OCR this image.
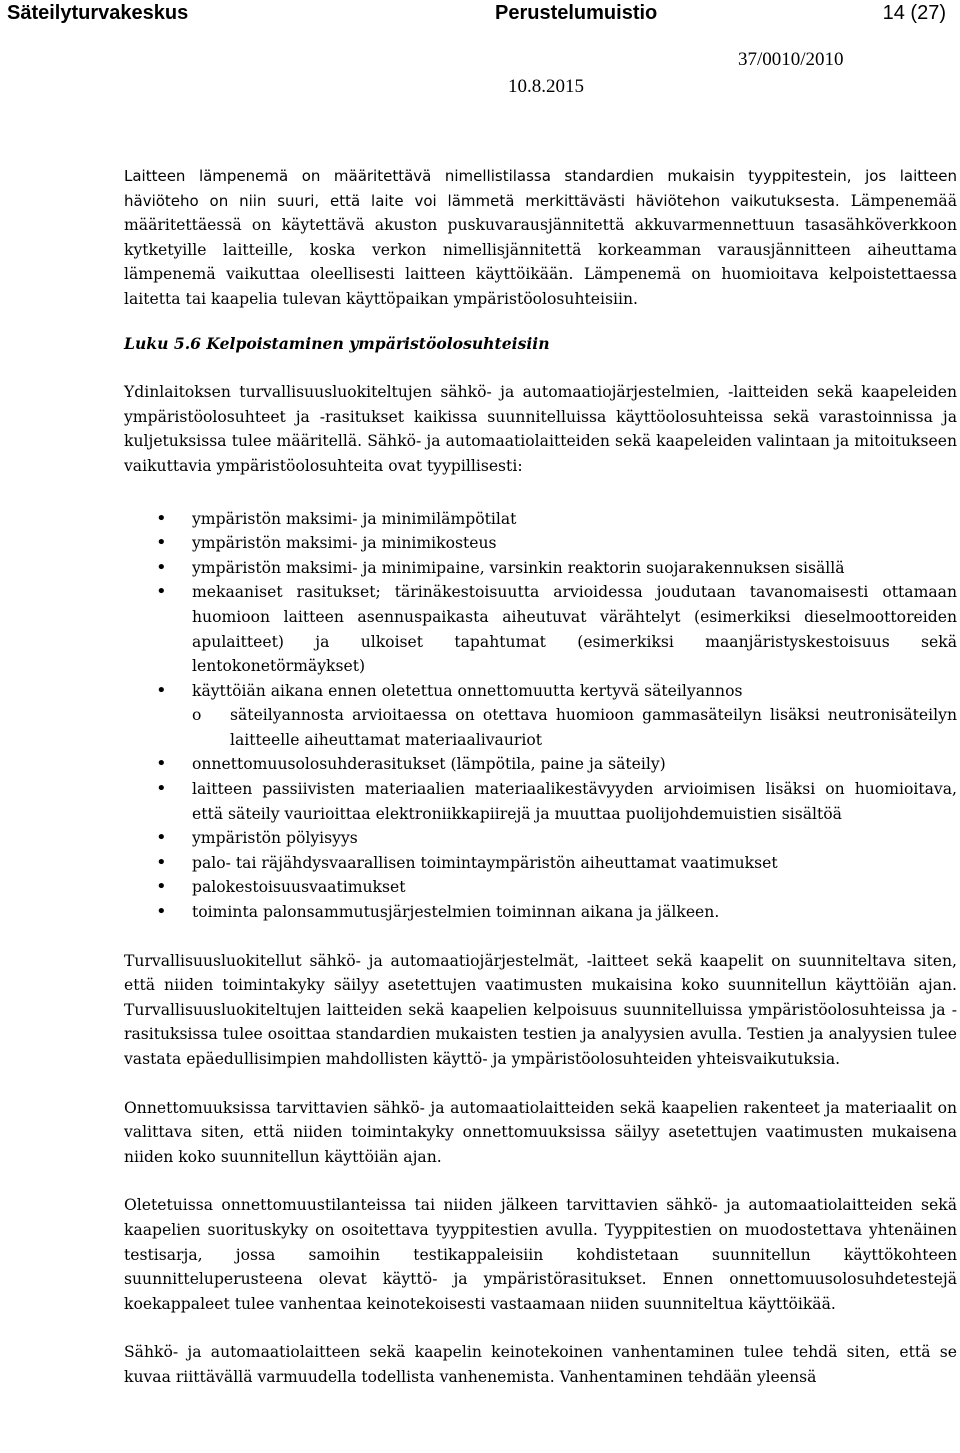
Säteilyturvakeskus	Perustelumuistio	14 (27)
37/0010/2010
10.8.2015

Laitteen lämpenemä on määritettävä nimellistilassa standardien mukaisin tyyppitestein, jos laitteen häviöteho on niin suuri, että laite voi lämmetä merkittävästi häviötehon vaikutuksesta. Lämpenemää määritettäessä on käytettävä akuston puskuvarausjännitettä akkuvarmennettuun tasasähköverkkoon kytketyille laitteille, koska verkon nimellisjännitettä korkeamman varausjännitteen aiheuttama lämpenemä vaikuttaa oleellisesti laitteen käyttöikään. Lämpenemä on huomioitava kelpoistettaessa laitetta tai kaapelia tulevan käyttöpaikan ympäristöolosuhteisiin.

Luku 5.6 Kelpoistaminen ympäristöolosuhteisiin

Ydinlaitoksen turvallisuusluokiteltujen sähkö- ja automaatiojärjestelmien, -laitteiden sekä kaapeleiden ympäristöolosuhteet ja -rasitukset kaikissa suunnitelluissa käyttöolosuhteissa sekä varastoinnissa ja kuljetuksissa tulee määritellä. Sähkö- ja automaatiolaitteiden sekä kaapeleiden valintaan ja mitoitukseen vaikuttavia ympäristöolosuhteita ovat tyypillisesti:

• ympäristön maksimi- ja minimilämpötilat
• ympäristön maksimi- ja minimikosteus
• ympäristön maksimi- ja minimipaine, varsinkin reaktorin suojarakennuksen sisällä
• mekaaniset rasitukset; tärinäkestoisuutta arvioidessa joudutaan tavanomaisesti ottamaan huomioon laitteen asennuspaikasta aiheutuvat värähtelyt (esimerkiksi dieselmoottoreiden apulaitteet) ja ulkoiset tapahtumat (esimerkiksi maanjäristyskestoisuus sekä lentokonetörmäykset)
• käyttöiän aikana ennen oletettua onnettomuutta kertyvä säteilyannos
o säteilyannosta arvioitaessa on otettava huomioon gammasäteilyn lisäksi neutronisäteilyn laitteelle aiheuttamat materiaalivauriot
• onnettomuusolosuhderasitukset (lämpötila, paine ja säteily)
• laitteen passiivisten materiaalien materiaalikestävyyden arvioimisen lisäksi on huomioitava, että säteily vaurioittaa elektroniikkapiirejä ja muuttaa puolijohdemuistien sisältöä
• ympäristön pölyisyys
• palo- tai räjähdysvaarallisen toimintaympäristön aiheuttamat vaatimukset
• palokestoisuusvaatimukset
• toiminta palonsammutusjärjestelmien toiminnan aikana ja jälkeen.

Turvallisuusluokitellut sähkö- ja automaatiojärjestelmät, -laitteet sekä kaapelit on suunniteltava siten, että niiden toimintakyky säilyy asetettujen vaatimusten mukaisina koko suunnitellun käyttöiän ajan. Turvallisuusluokiteltujen laitteiden sekä kaapelien kelpoisuus suunnitelluissa ympäristöolosuhteissa ja -rasituksissa tulee osoittaa standardien mukaisten testien ja analyysien avulla. Testien ja analyysien tulee vastata epäedullisimpien mahdollisten käyttö- ja ympäristöolosuhteiden yhteisvaikutuksia.

Onnettomuuksissa tarvittavien sähkö- ja automaatiolaitteiden sekä kaapelien rakenteet ja materiaalit on valittava siten, että niiden toimintakyky onnettomuuksissa säilyy asetettujen vaatimusten mukaisena niiden koko suunnitellun käyttöiän ajan.

Oletetuissa onnettomuustilanteissa tai niiden jälkeen tarvittavien sähkö- ja automaatiolaitteiden sekä kaapelien suorituskyky on osoitettava tyyppitestien avulla. Tyyppitestien on muodostettava yhtenäinen testisarja, jossa samoihin testikappaleisiin kohdistetaan suunnitellun käyttökohteen suunnitteluperusteena olevat käyttö- ja ympäristörasitukset. Ennen onnettomuusolosuhdetestejä koekappaleet tulee vanhentaa keinotekoisesti vastaamaan niiden suunniteltua käyttöikää.

Sähkö- ja automaatiolaitteen sekä kaapelin keinotekoinen vanhentaminen tulee tehdä siten, että se kuvaa riittävällä varmuudella todellista vanhenemista. Vanhentaminen tehdään yleensä
